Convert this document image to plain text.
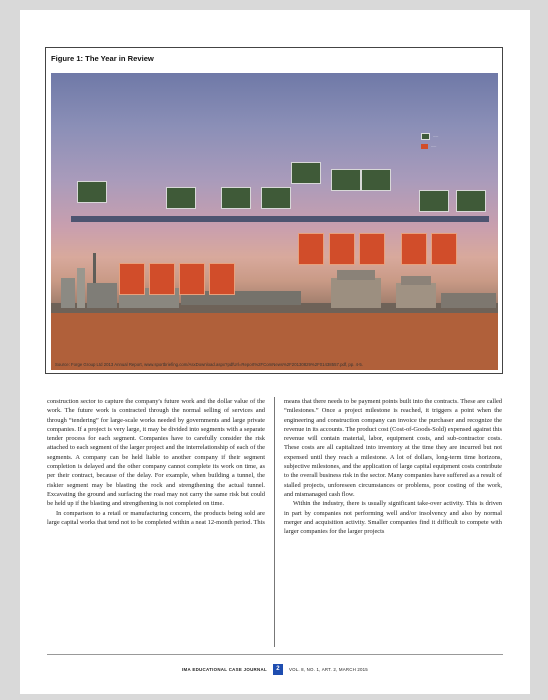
Figure 1: The Year in Review
⎯⎯⎯⎯
⎯⎯⎯⎯
Source: Forge Group Ltd 2013 Annual Report, www.sportbriefing.com/AsxDownload.aspx?pdfUrl=Report%2FComNews%2F20130829%2F01438557.pdf, pp. 4-5.

construction sector to capture the company's future work and the dollar value of the work. The future work is contracted through the normal selling of services and through “tendering” for large-scale works needed by governments and large private companies. If a project is very large, it may be divided into segments with a separate tender process for each segment. Companies have to carefully consider the risk attached to each segment of the larger project and the interrelationship of each of the segments. A company can be held liable to another company if their segment completion is delayed and the other company cannot complete its work on time, as per their contract, because of the delay. For example, when building a tunnel, the riskier segment may be blasting the rock and strengthening the actual tunnel. Excavating the ground and surfacing the road may not carry the same risk but could be held up if the blasting and strengthening is not completed on time.

In comparison to a retail or manufacturing concern, the products being sold are large capital works that tend not to be completed within a neat 12-month period. This

means that there needs to be payment points built into the contracts. These are called “milestones.” Once a project milestone is reached, it triggers a point when the engineering and construction company can invoice the purchaser and recognize the revenue in its accounts. The product cost (Cost-of-Goods-Sold) expensed against this revenue will contain material, labor, equipment costs, and sub-contractor costs. These costs are all capitalized into inventory at the time they are incurred but not expensed until they reach a milestone. A lot of dollars, long-term time horizons, subjective milestones, and the application of large capital equipment costs contribute to the overall business risk in the sector. Many companies have suffered as a result of stalled projects, unforeseen circumstances or problems, poor costing of the work, and mismanaged cash flow.

Within the industry, there is usually significant take-over activity. This is driven in part by companies not performing well and/or insolvency and also by normal merger and acquisition activity. Smaller companies find it difficult to compete with larger companies for the larger projects

IMA EDUCATIONAL CASE JOURNAL	2	VOL. 8, NO. 1, ART. 2, MARCH 2015
